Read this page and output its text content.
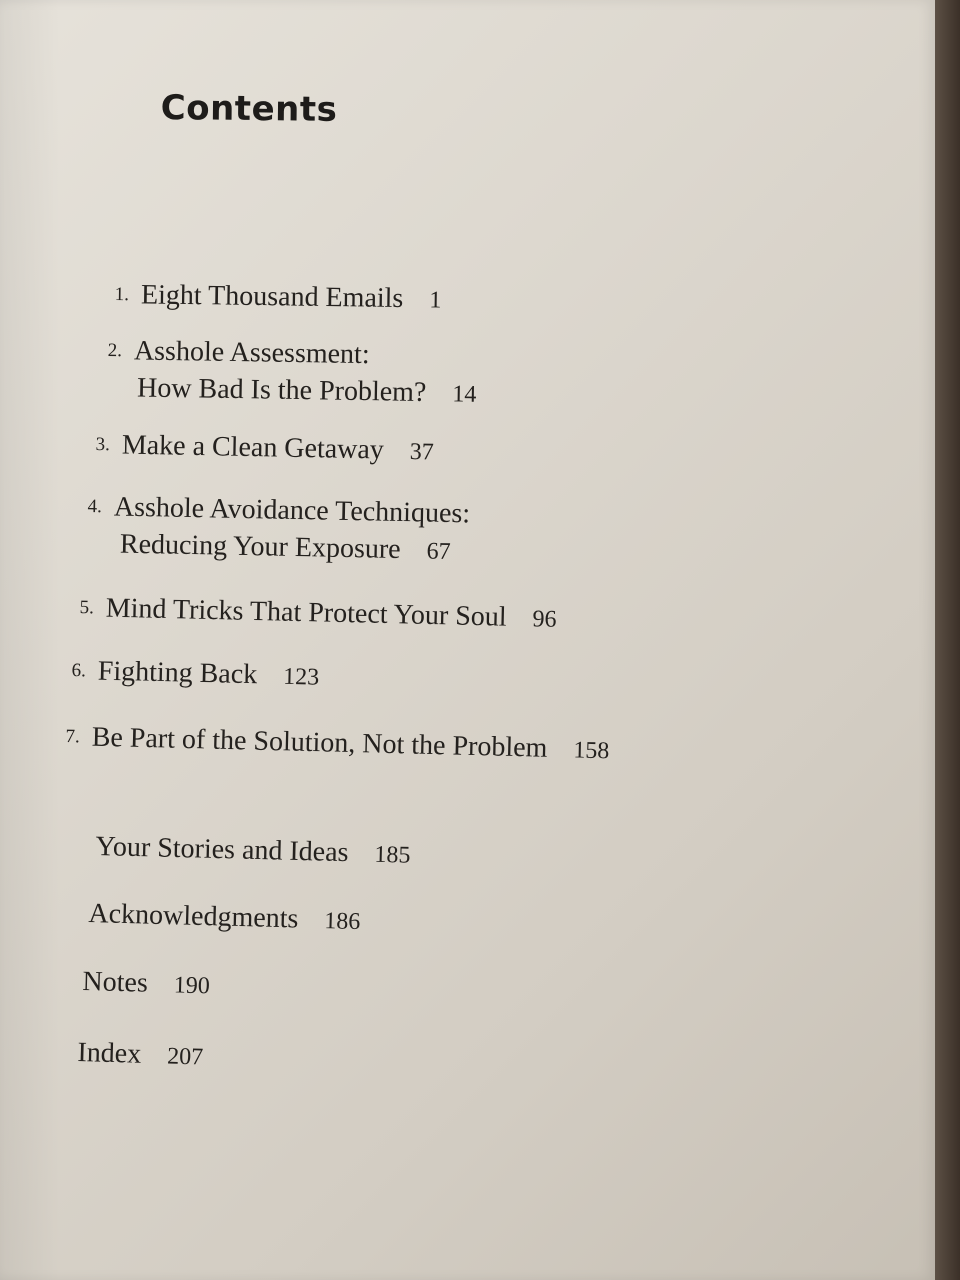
Contents
1. Eight Thousand Emails 1
2. Asshole Assessment:
How Bad Is the Problem? 14
3. Make a Clean Getaway 37
4. Asshole Avoidance Techniques:
Reducing Your Exposure 67
5. Mind Tricks That Protect Your Soul 96
6. Fighting Back 123
7. Be Part of the Solution, Not the Problem 158
Your Stories and Ideas 185
Acknowledgments 186
Notes 190
Index 207
